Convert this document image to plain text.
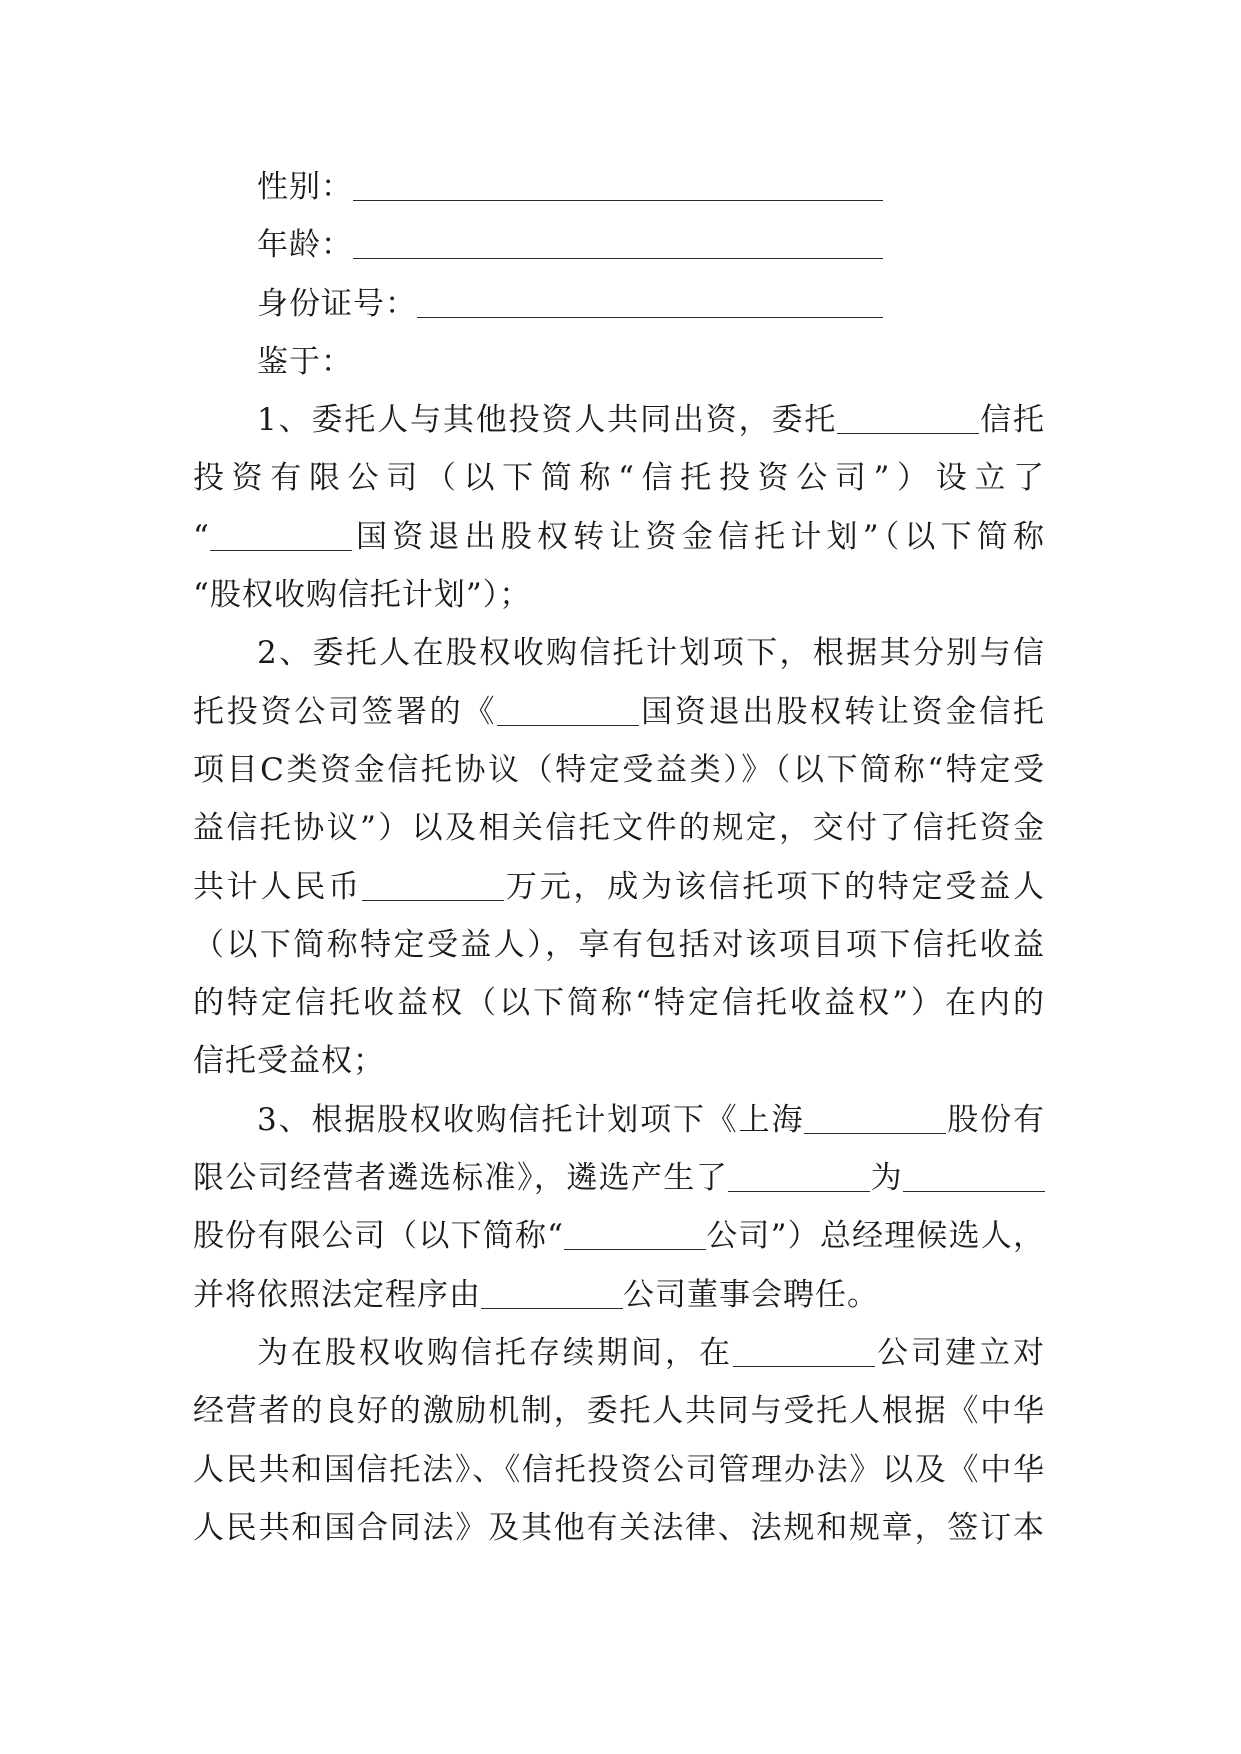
性别：
年龄：
身份证号：
鉴于：
1、委托人与其他投资人共同出资，委托	信托
投资有限公司（以下简称“信托投资公司”）设立了
“	国资退出股权转让资金信托计划”（以下简称
“股权收购信托计划”）；
2、委托人在股权收购信托计划项下，根据其分别与信
托投资公司签署的《	国资退出股权转让资金信托
项目C类资金信托协议（特定受益类）》（以下简称“特定受
益信托协议”）以及相关信托文件的规定，交付了信托资金
共计人民币	万元，成为该信托项下的特定受益人
（以下简称特定受益人），享有包括对该项目项下信托收益
的特定信托收益权（以下简称“特定信托收益权”）在内的
信托受益权；
3、根据股权收购信托计划项下《上海	股份有
限公司经营者遴选标准》，遴选产生了	为
股份有限公司（以下简称“	公司”）总经理候选人，
并将依照法定程序由	公司董事会聘任。
为在股权收购信托存续期间，在	公司建立对
经营者的良好的激励机制，委托人共同与受托人根据《中华
人民共和国信托法》、《信托投资公司管理办法》以及《中华
人民共和国合同法》及其他有关法律、法规和规章，签订本
